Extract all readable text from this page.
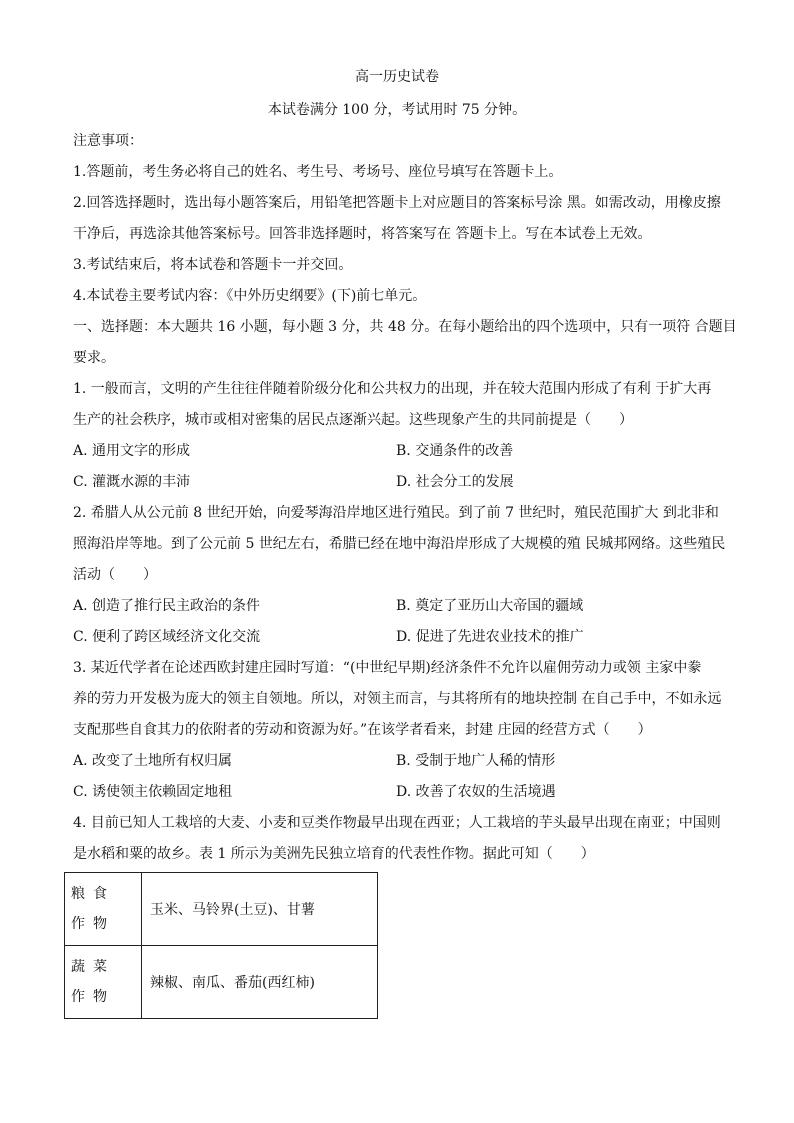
高一历史试卷
本试卷满分 100 分，考试用时 75 分钟。
注意事项：
1.答题前，考生务必将自己的姓名、考生号、考场号、座位号填写在答题卡上。
2.回答选择题时，选出每小题答案后，用铅笔把答题卡上对应题目的答案标号涂 黑。如需改动，用橡皮擦
干净后，再选涂其他答案标号。回答非选择题时，将答案写在 答题卡上。写在本试卷上无效。
3.考试结束后，将本试卷和答题卡一并交回。
4.本试卷主要考试内容：《中外历史纲要》(下)前七单元。
一、选择题：本大题共 16 小题，每小题 3 分，共 48 分。在每小题给出的四个选项中，只有一项符 合题目
要求。
1. 一般而言，文明的产生往往伴随着阶级分化和公共权力的出现，并在较大范围内形成了有利 于扩大再
生产的社会秩序，城市或相对密集的居民点逐渐兴起。这些现象产生的共同前提是（　　）
A. 通用文字的形成	B. 交通条件的改善
C. 灌溉水源的丰沛	D. 社会分工的发展
2. 希腊人从公元前 8 世纪开始，向爱琴海沿岸地区进行殖民。到了前 7 世纪时，殖民范围扩大 到北非和
照海沿岸等地。到了公元前 5 世纪左右，希腊已经在地中海沿岸形成了大规模的殖 民城邦网络。这些殖民
活动（　　）
A. 创造了推行民主政治的条件	B. 奠定了亚历山大帝国的疆域
C. 便利了跨区域经济文化交流	D. 促进了先进农业技术的推广
3. 某近代学者在论述西欧封建庄园时写道：“(中世纪早期)经济条件不允许以雇佣劳动力或领 主家中豢
养的劳力开发极为庞大的领主自领地。所以，对领主而言，与其将所有的地块控制 在自己手中，不如永远
支配那些自食其力的依附者的劳动和资源为好。”在该学者看来，封建 庄园的经营方式（　　）
A. 改变了土地所有权归属	B. 受制于地广人稀的情形
C. 诱使领主依赖固定地租	D. 改善了农奴的生活境遇
4. 目前已知人工栽培的大麦、小麦和豆类作物最早出现在西亚；人工栽培的芋头最早出现在南亚；中国则
是水稻和粟的故乡。表 1 所示为美洲先民独立培育的代表性作物。据此可知（　　）
粮食作物	玉米、马铃界(土豆)、甘薯
蔬菜作物	辣椒、南瓜、番茄(西红柿)
